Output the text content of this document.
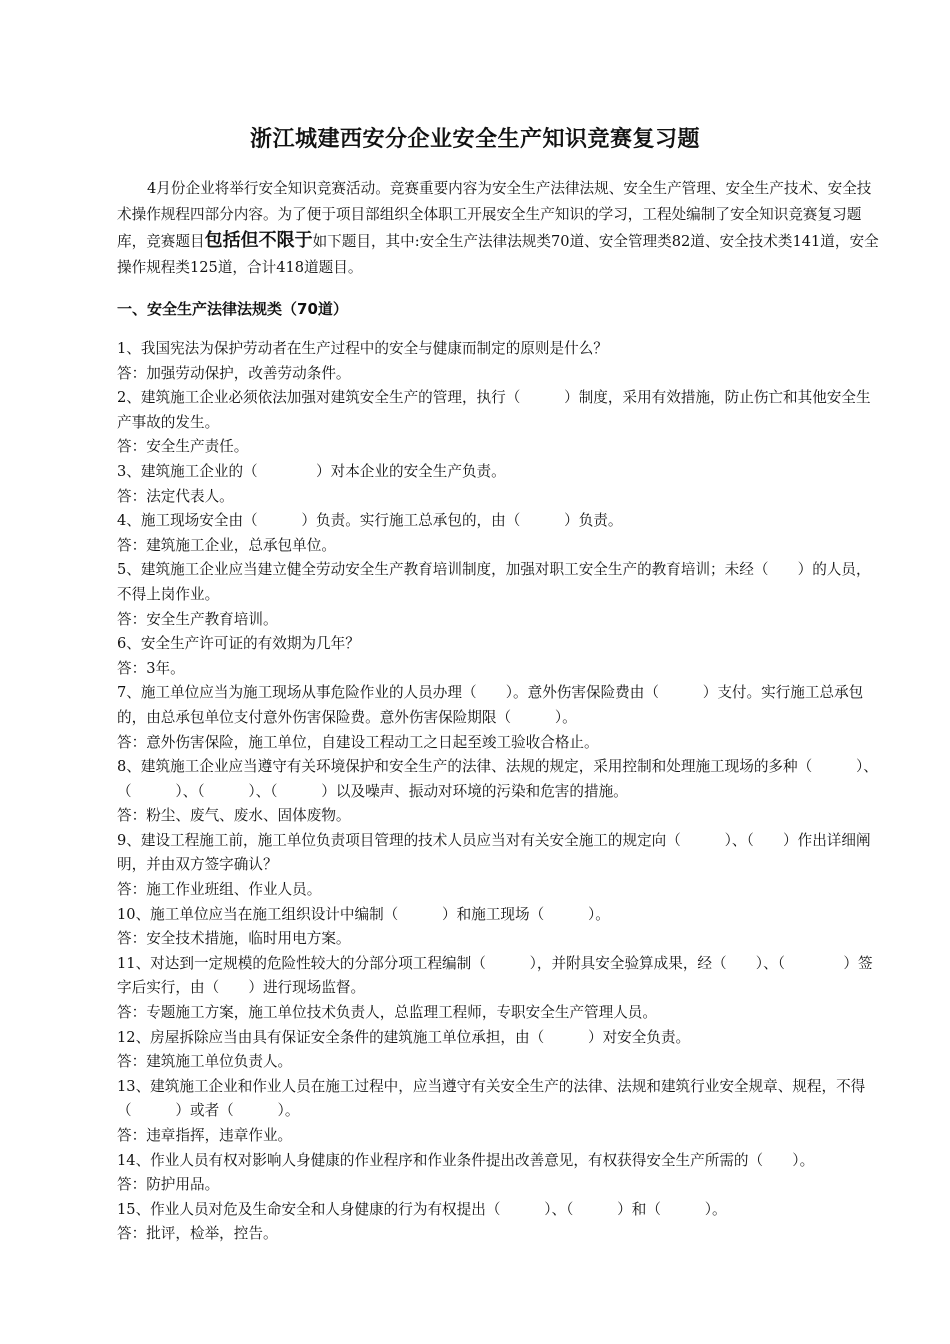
浙江城建西安分企业安全生产知识竞赛复习题

4月份企业将举行安全知识竞赛活动。竞赛重要内容为安全生产法律法规、安全生产管理、安全生产技术、安全技术操作规程四部分内容。为了便于项目部组织全体职工开展安全生产知识的学习，工程处编制了安全知识竞赛复习题库，竞赛题目包括但不限于如下题目，其中:安全生产法律法规类70道、安全管理类82道、安全技术类141道，安全操作规程类125道，合计418道题目。

一、安全生产法律法规类（70道）
1、我国宪法为保护劳动者在生产过程中的安全与健康而制定的原则是什么？
答：加强劳动保护，改善劳动条件。
2、建筑施工企业必须依法加强对建筑安全生产的管理，执行（　　　）制度，采用有效措施，防止伤亡和其他安全生产事故的发生。
答：安全生产责任。
3、建筑施工企业的（　　　　）对本企业的安全生产负责。
答：法定代表人。
4、施工现场安全由（　　　）负责。实行施工总承包的，由（　　　）负责。
答：建筑施工企业，总承包单位。
5、建筑施工企业应当建立健全劳动安全生产教育培训制度，加强对职工安全生产的教育培训；未经（　　）的人员，不得上岗作业。
答：安全生产教育培训。
6、安全生产许可证的有效期为几年？
答：3年。
7、施工单位应当为施工现场从事危险作业的人员办理（　　）。意外伤害保险费由（　　　）支付。实行施工总承包的，由总承包单位支付意外伤害保险费。意外伤害保险期限（　　　）。
答：意外伤害保险，施工单位，自建设工程动工之日起至竣工验收合格止。
8、建筑施工企业应当遵守有关环境保护和安全生产的法律、法规的规定，采用控制和处理施工现场的多种（　　　）、（　　　）、（　　　）、（　　　）以及噪声、振动对环境的污染和危害的措施。
答：粉尘、废气、废水、固体废物。
9、建设工程施工前，施工单位负责项目管理的技术人员应当对有关安全施工的规定向（　　　）、（　　）作出详细阐明，并由双方签字确认？
答：施工作业班组、作业人员。
10、施工单位应当在施工组织设计中编制（　　　）和施工现场（　　　）。
答：安全技术措施，临时用电方案。
11、对达到一定规模的危险性较大的分部分项工程编制（　　　），并附具安全验算成果，经（　　）、（　　　　）签字后实行，由（　　）进行现场监督。
答：专题施工方案，施工单位技术负责人，总监理工程师，专职安全生产管理人员。
12、房屋拆除应当由具有保证安全条件的建筑施工单位承担，由（　　　）对安全负责。
答：建筑施工单位负责人。
13、建筑施工企业和作业人员在施工过程中，应当遵守有关安全生产的法律、法规和建筑行业安全规章、规程，不得（　　　）或者（　　　）。
答：违章指挥，违章作业。
14、作业人员有权对影响人身健康的作业程序和作业条件提出改善意见，有权获得安全生产所需的（　　）。
答：防护用品。
15、作业人员对危及生命安全和人身健康的行为有权提出（　　　）、（　　　）和（　　　）。
答：批评，检举，控告。
